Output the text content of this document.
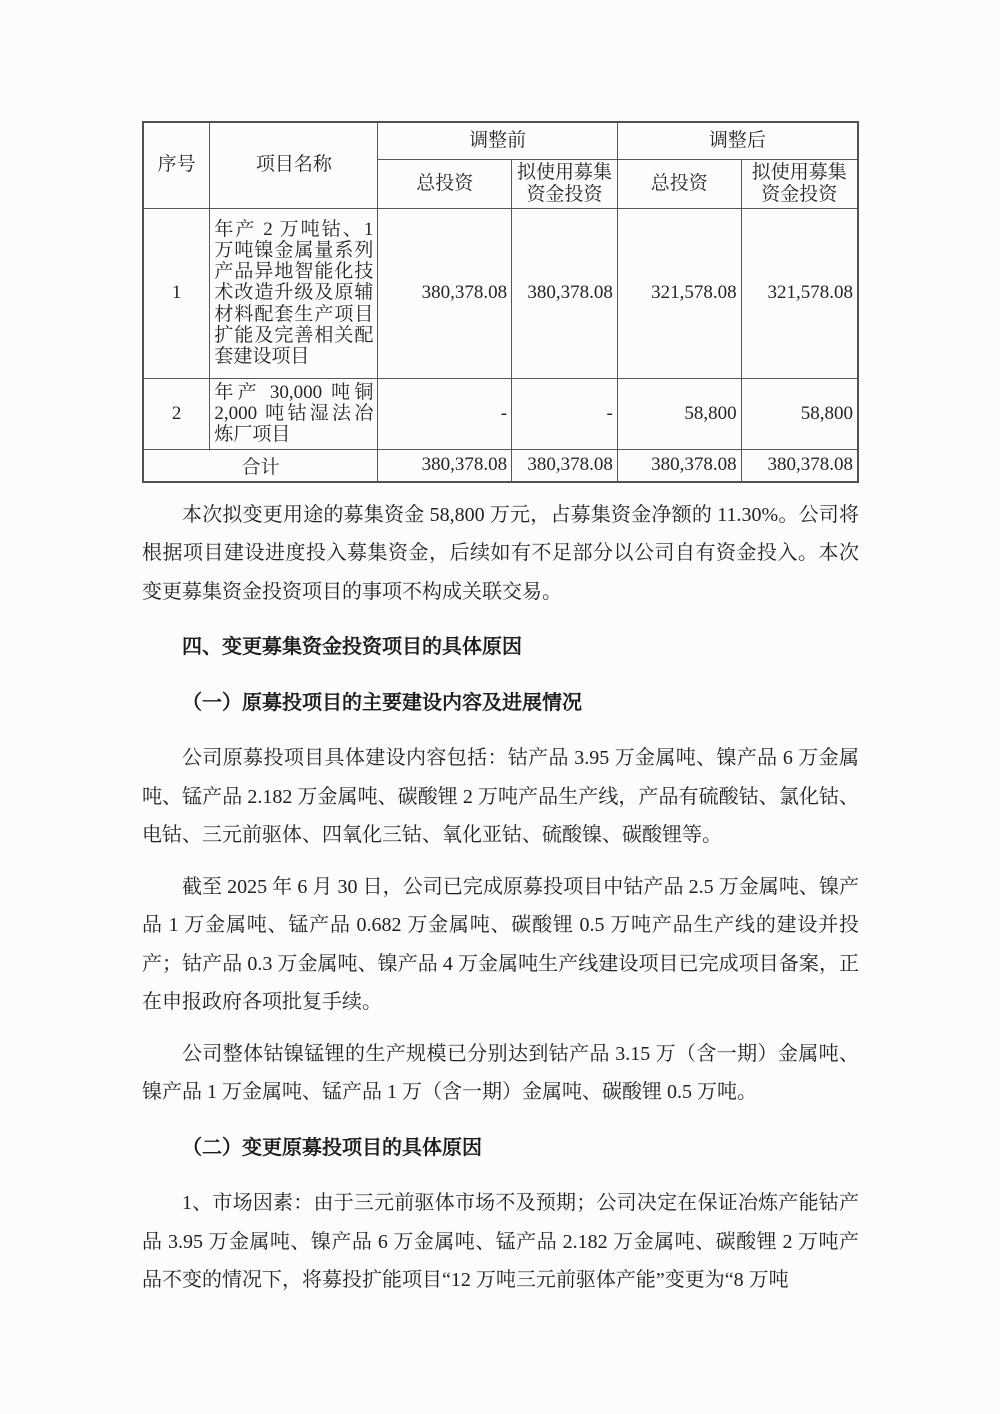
序号	项目名称	调整前		调整后	
		总投资	拟使用募集资金投资	总投资	拟使用募集资金投资
1	年产 2 万吨钴、1万吨镍金属量系列产品异地智能化技术改造升级及原辅材料配套生产项目扩能及完善相关配套建设项目	380,378.08	380,378.08	321,578.08	321,578.08
2	年产 30,000 吨铜 2,000 吨钴湿法冶炼厂项目	-	-	58,800	58,800
合计		380,378.08	380,378.08	380,378.08	380,378.08

本次拟变更用途的募集资金 58,800 万元，占募集资金净额的 11.30%。公司将根据项目建设进度投入募集资金，后续如有不足部分以公司自有资金投入。本次变更募集资金投资项目的事项不构成关联交易。

四、变更募集资金投资项目的具体原因

（一）原募投项目的主要建设内容及进展情况

公司原募投项目具体建设内容包括：钴产品 3.95 万金属吨、镍产品 6 万金属吨、锰产品 2.182 万金属吨、碳酸锂 2 万吨产品生产线，产品有硫酸钴、氯化钴、电钴、三元前驱体、四氧化三钴、氧化亚钴、硫酸镍、碳酸锂等。

截至 2025 年 6 月 30 日，公司已完成原募投项目中钴产品 2.5 万金属吨、镍产品 1 万金属吨、锰产品 0.682 万金属吨、碳酸锂 0.5 万吨产品生产线的建设并投产；钴产品 0.3 万金属吨、镍产品 4 万金属吨生产线建设项目已完成项目备案，正在申报政府各项批复手续。

公司整体钴镍锰锂的生产规模已分别达到钴产品 3.15 万（含一期）金属吨、镍产品 1 万金属吨、锰产品 1 万（含一期）金属吨、碳酸锂 0.5 万吨。

（二）变更原募投项目的具体原因

1、市场因素：由于三元前驱体市场不及预期；公司决定在保证冶炼产能钴产品 3.95 万金属吨、镍产品 6 万金属吨、锰产品 2.182 万金属吨、碳酸锂 2 万吨产品不变的情况下，将募投扩能项目“12 万吨三元前驱体产能”变更为“8 万吨
